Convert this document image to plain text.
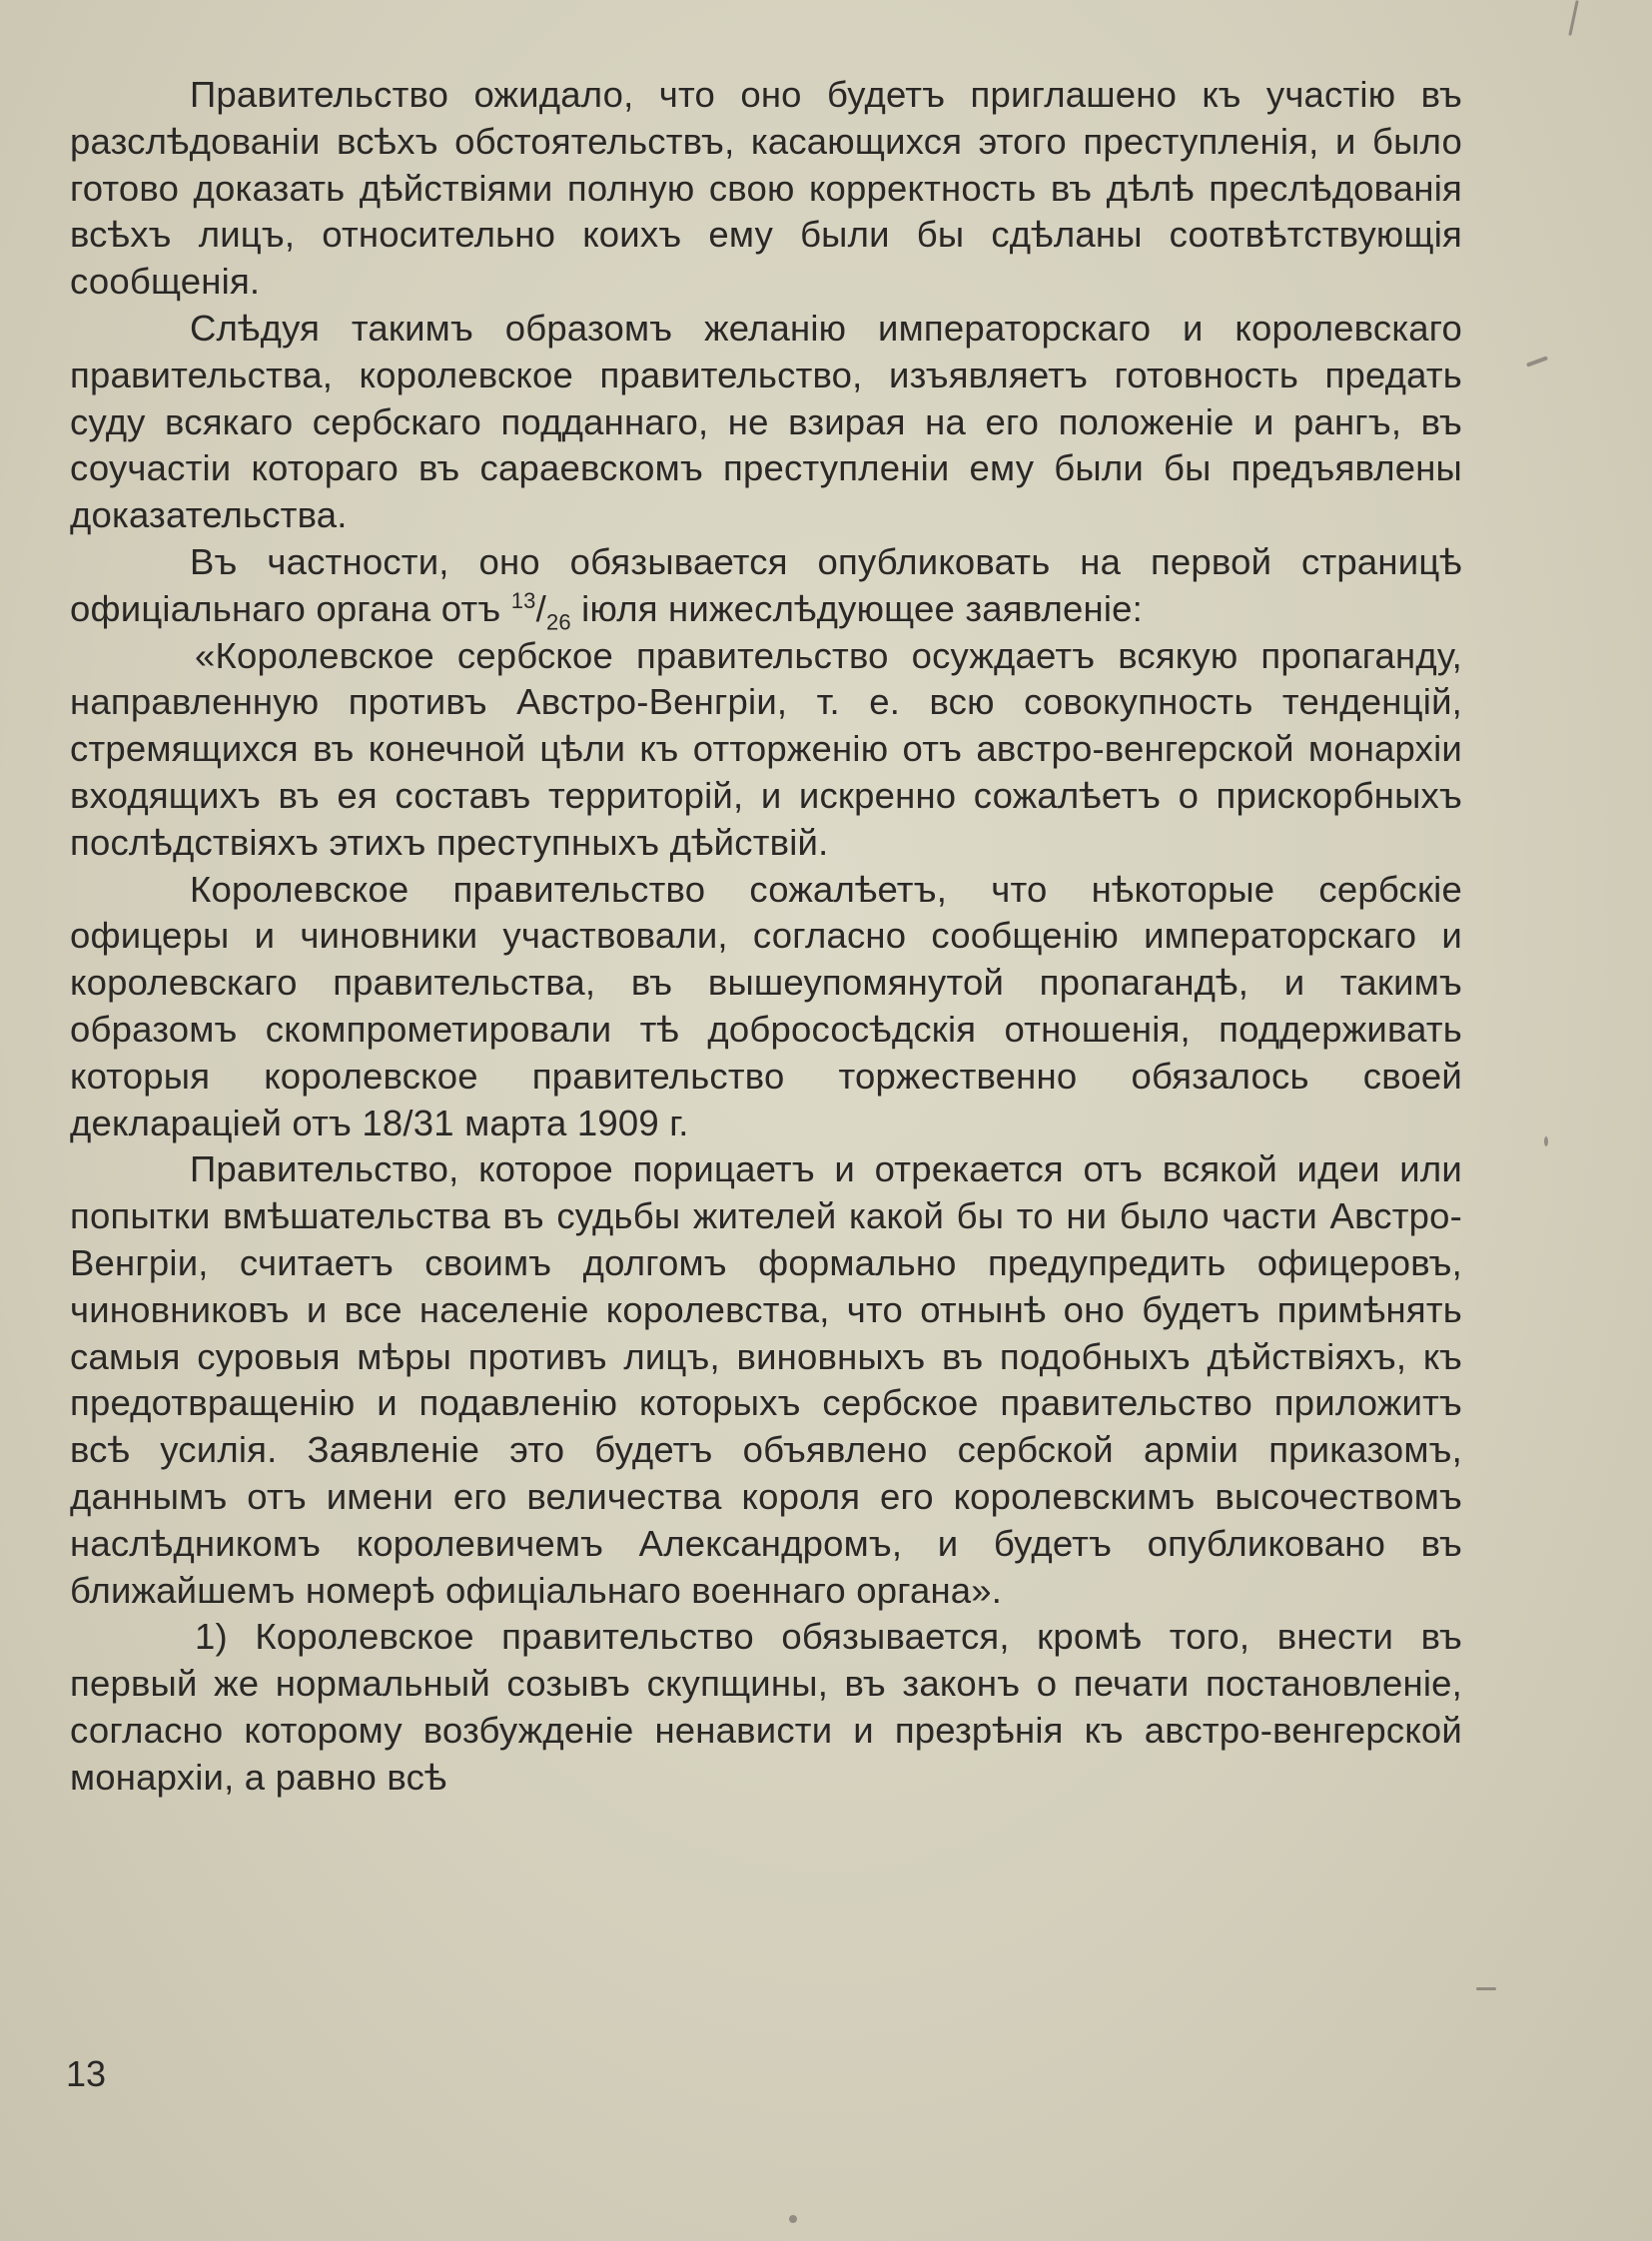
Правительство ожидало, что оно будетъ приглашено къ участію въ разслѣдованіи всѣхъ обстоятельствъ, касающихся этого преступленія, и было готово доказать дѣйствіями полную свою корректность въ дѣлѣ преслѣдованія всѣхъ лицъ, относительно коихъ ему были бы сдѣланы соотвѣтствующія сообщенія.

Слѣдуя такимъ образомъ желанію императорскаго и королевскаго правительства, королевское правительство, изъявляетъ готовность предать суду всякаго сербскаго подданнаго, не взирая на его положеніе и рангъ, въ соучастіи котораго въ сараевскомъ преступленіи ему были бы предъявлены доказательства.

Въ частности, оно обязывается опубликовать на первой страницѣ офиціальнаго органа отъ $^{13}/_{26}$ іюля нижеслѣдующее заявленіе:

«Королевское сербское правительство осуждаетъ всякую пропаганду, направленную противъ Австро-Венгріи, т. е. всю совокупность тенденцій, стремящихся въ конечной цѣли къ отторженію отъ австро-венгерской монархіи входящихъ въ ея составъ территорій, и искренно сожалѣетъ о прискорбныхъ послѣдствіяхъ этихъ преступныхъ дѣйствій.

Королевское правительство сожалѣетъ, что нѣкоторые сербскіе офицеры и чиновники участвовали, согласно сообщенію императорскаго и королевскаго правительства, въ вышеупомянутой пропагандѣ, и такимъ образомъ скомпрометировали тѣ добрососѣдскія отношенія, поддерживать которыя королевское правительство торжественно обязалось своей деклараціей отъ 18/31 марта 1909 г.

Правительство, которое порицаетъ и отрекается отъ всякой идеи или попытки вмѣшательства въ судьбы жителей какой бы то ни было части Австро-Венгріи, считаетъ своимъ долгомъ формально предупредить офицеровъ, чиновниковъ и все населеніе королевства, что отнынѣ оно будетъ примѣнять самыя суровыя мѣры противъ лицъ, виновныхъ въ подобныхъ дѣйствіяхъ, къ предотвращенію и подавленію которыхъ сербское правительство приложитъ всѣ усилія. Заявленіе это будетъ объявлено сербской арміи приказомъ, даннымъ отъ имени его величества короля его королевскимъ высочествомъ наслѣдникомъ королевичемъ Александромъ, и будетъ опубликовано въ ближайшемъ номерѣ офиціальнаго военнаго органа».

1) Королевское правительство обязывается, кромѣ того, внести въ первый же нормальный созывъ скупщины, въ законъ о печати постановленіе, согласно которому возбужденіе ненависти и презрѣнія къ австро-венгерской монархіи, а равно всѣ

13
